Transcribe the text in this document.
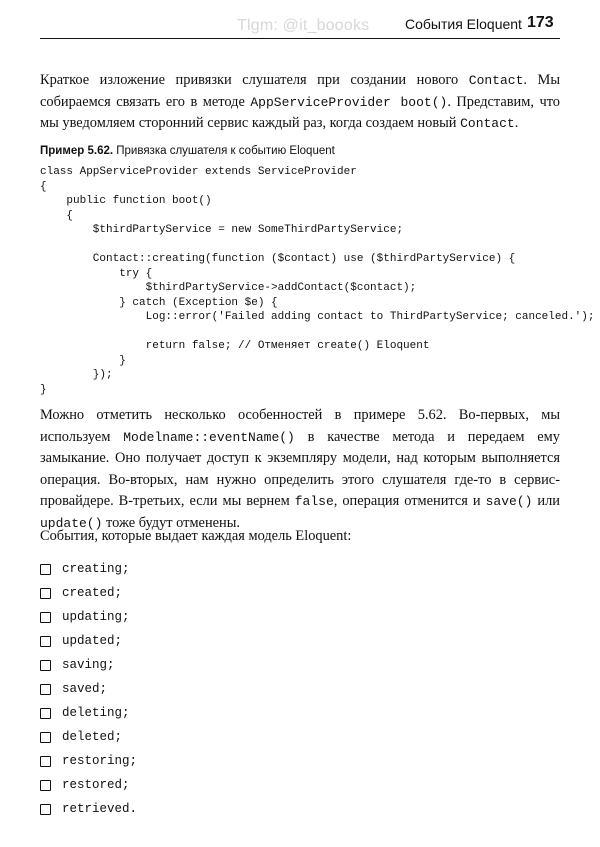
Tlgm: @it_boooks	События Eloquent 173

Краткое изложение привязки слушателя при создании нового Contact. Мы собираемся связать его в методе AppServiceProvider boot(). Представим, что мы уведомляем сторонний сервис каждый раз, когда создаем новый Contact.

Пример 5.62. Привязка слушателя к событию Eloquent
class AppServiceProvider extends ServiceProvider
{
public function boot()
{
$thirdPartyService = new SomeThirdPartyService;

Contact::creating(function ($contact) use ($thirdPartyService) {
try {
$thirdPartyService->addContact($contact);
} catch (Exception $e) {
Log::error('Failed adding contact to ThirdPartyService; canceled.');

return false; // Отменяет create() Eloquent
}
});
}

Можно отметить несколько особенностей в примере 5.62. Во-первых, мы используем Modelname::eventName() в качестве метода и передаем ему замыкание. Оно получает доступ к экземпляру модели, над которым выполняется операция. Во-вторых, нам нужно определить этого слушателя где-то в сервис-провайдере. В-третьих, если мы вернем false, операция отменится и save() или update() тоже будут отменены.

События, которые выдает каждая модель Eloquent:

creating;
created;
updating;
updated;
saving;
saved;
deleting;
deleted;
restoring;
restored;
retrieved.
